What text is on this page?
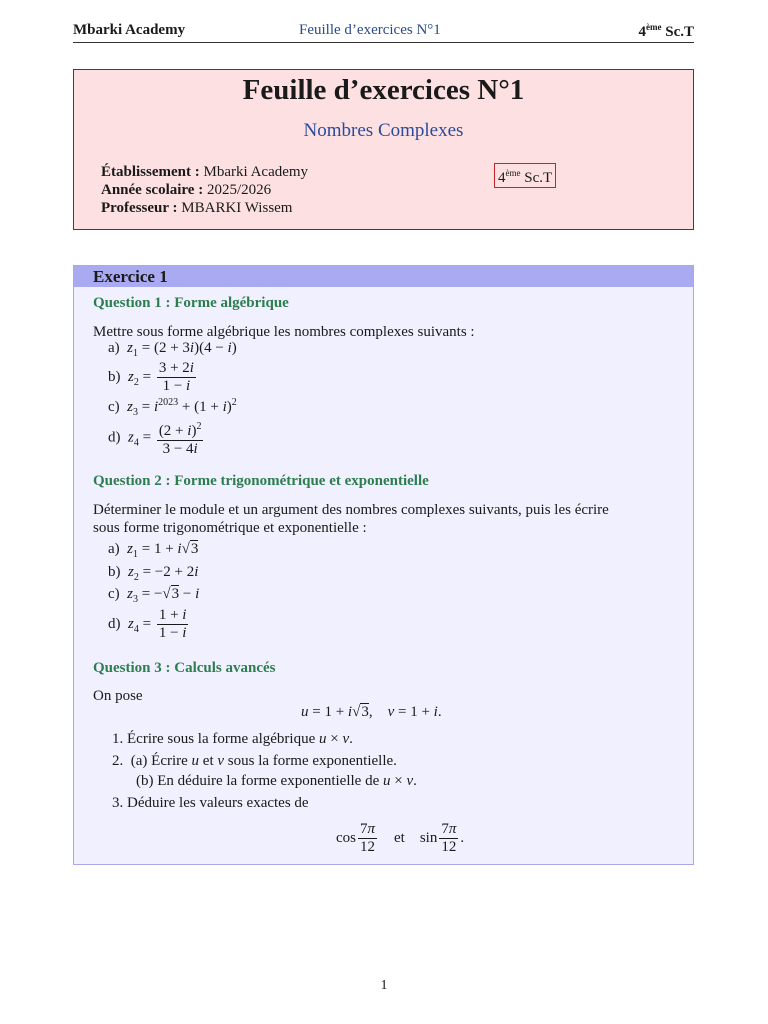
Mbarki Academy	Feuille d’exercices N°1	4ème Sc.T
Feuille d’exercices N°1
Nombres Complexes
Établissement : Mbarki Academy
Année scolaire : 2025/2026
Professeur : MBARKI Wissem
4ème Sc.T
Exercice 1
Question 1 : Forme algébrique
Mettre sous forme algébrique les nombres complexes suivants :
a) $z_1 = (2 + 3i)(4 - i)$
b) $z_2 = \frac{3 + 2i}{1 - i}$
c) $z_3 = i^{2023} + (1 + i)^2$
d) $z_4 = \frac{(2 + i)^2}{3 - 4i}$
Question 2 : Forme trigonométrique et exponentielle
Déterminer le module et un argument des nombres complexes suivants, puis les écrire
sous forme trigonométrique et exponentielle :
a) $z_1 = 1 + i√3$
b) $z_2 = -2 + 2i$
c) $z_3 = -√3 - i$
d) $z_4 = \frac{1 + i}{1 - i}$
Question 3 : Calculs avancés
On pose
u = 1 + i√3,    v = 1 + i.
1. Écrire sous la forme algébrique u × v.
2. (a) Écrire u et v sous la forme exponentielle.
(b) En déduire la forme exponentielle de u × v.
3. Déduire les valeurs exactes de
$\cos \frac{7\pi}{12}$ et    $\sin \frac{7\pi}{12}$ .
1
